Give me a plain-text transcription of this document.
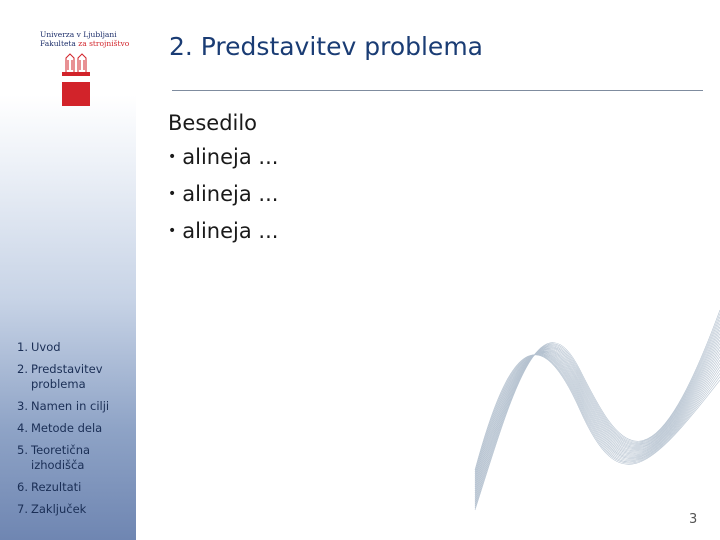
Univerza v Ljubljani
Fakulteta za strojništvo 2. Predstavitev problema
Besedilo
• alineja ...
• alineja ...
• alineja ...
1. Uvod
2. Predstavitev problema
3. Namen in cilji
4. Metode dela
5. Teoretična izhodišča
6. Rezultati
7. Zaključek
3
